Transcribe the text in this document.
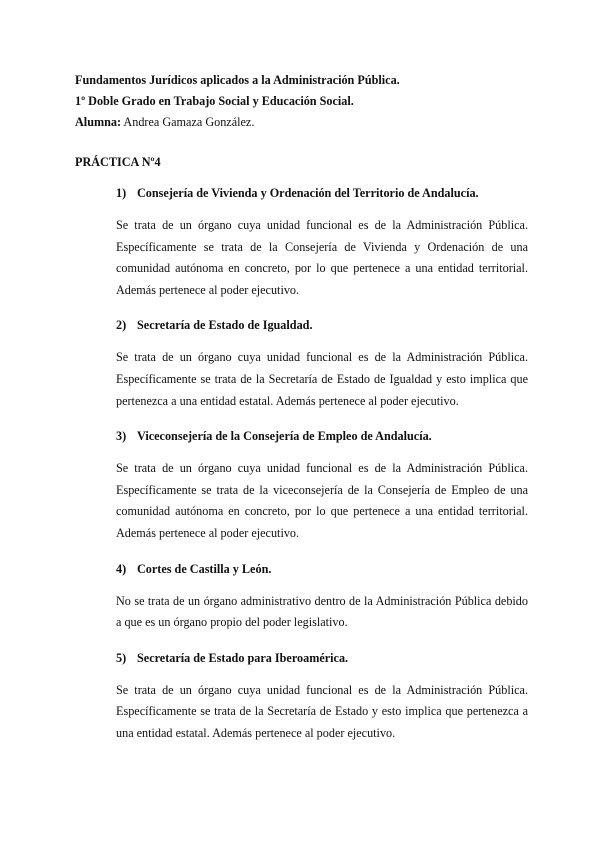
Fundamentos Jurídicos aplicados a la Administración Pública.
1º Doble Grado en Trabajo Social y Educación Social.
Alumna: Andrea Gamaza González.
PRÁCTICA Nº4
1) Consejería de Vivienda y Ordenación del Territorio de Andalucía.
Se trata de un órgano cuya unidad funcional es de la Administración Pública. Específicamente se trata de la Consejería de Vivienda y Ordenación de una comunidad autónoma en concreto, por lo que pertenece a una entidad territorial. Además pertenece al poder ejecutivo.
2) Secretaría de Estado de Igualdad.
Se trata de un órgano cuya unidad funcional es de la Administración Pública. Específicamente se trata de la Secretaría de Estado de Igualdad y esto implica que pertenezca a una entidad estatal. Además pertenece al poder ejecutivo.
3) Viceconsejería de la Consejería de Empleo de Andalucía.
Se trata de un órgano cuya unidad funcional es de la Administración Pública. Específicamente se trata de la viceconsejería de la Consejería de Empleo de una comunidad autónoma en concreto, por lo que pertenece a una entidad territorial. Además pertenece al poder ejecutivo.
4) Cortes de Castilla y León.
No se trata de un órgano administrativo dentro de la Administración Pública debido a que es un órgano propio del poder legislativo.
5) Secretaría de Estado para Iberoamérica.
Se trata de un órgano cuya unidad funcional es de la Administración Pública. Específicamente se trata de la Secretaría de Estado y esto implica que pertenezca a una entidad estatal. Además pertenece al poder ejecutivo.
